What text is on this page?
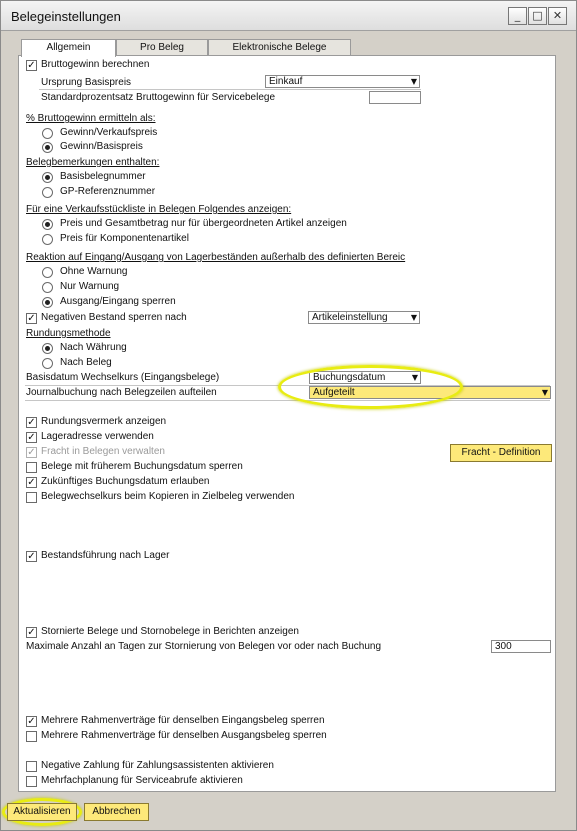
Belegeinstellungen	_	□ ✕
Allgemein	Pro Beleg	Elektronische Belege
✓ Bruttogewinn berechnen
Ursprung Basispreis	Einkauf	▼
Standardprozentsatz Bruttogewinn für Servicebelege
% Bruttogewinn ermitteln als:
Gewinn/Verkaufspreis
Gewinn/Basispreis
Belegbemerkungen enthalten:
Basisbelegnummer
GP-Referenznummer
Für eine Verkaufsstückliste in Belegen Folgendes anzeigen:
Preis und Gesamtbetrag nur für übergeordneten Artikel anzeigen
Preis für Komponentenartikel
Reaktion auf Eingang/Ausgang von Lagerbeständen außerhalb des definierten Bereic
Ohne Warnung
Nur Warnung
Ausgang/Eingang sperren
✓ Negativen Bestand sperren nach	Artikeleinstellung	▼
Rundungsmethode
Nach Währung
Nach Beleg
Basisdatum Wechselkurs (Eingangsbelege)	Buchungsdatum	▼
Journalbuchung nach Belegzeilen aufteilen	Aufgeteilt	▼
✓ Rundungsvermerk anzeigen
✓ Lageradresse verwenden
✓ Fracht in Belegen verwalten	Fracht - Definition
Belege mit früherem Buchungsdatum sperren
✓ Zukünftiges Buchungsdatum erlauben
Belegwechselkurs beim Kopieren in Zielbeleg verwenden
✓ Bestandsführung nach Lager
✓ Stornierte Belege und Stornobelege in Berichten anzeigen
Maximale Anzahl an Tagen zur Stornierung von Belegen vor oder nach Buchung	300
✓ Mehrere Rahmenverträge für denselben Eingangsbeleg sperren
Mehrere Rahmenverträge für denselben Ausgangsbeleg sperren
Negative Zahlung für Zahlungsassistenten aktivieren
Mehrfachplanung für Serviceabrufe aktivieren
Aktualisieren	Abbrechen
